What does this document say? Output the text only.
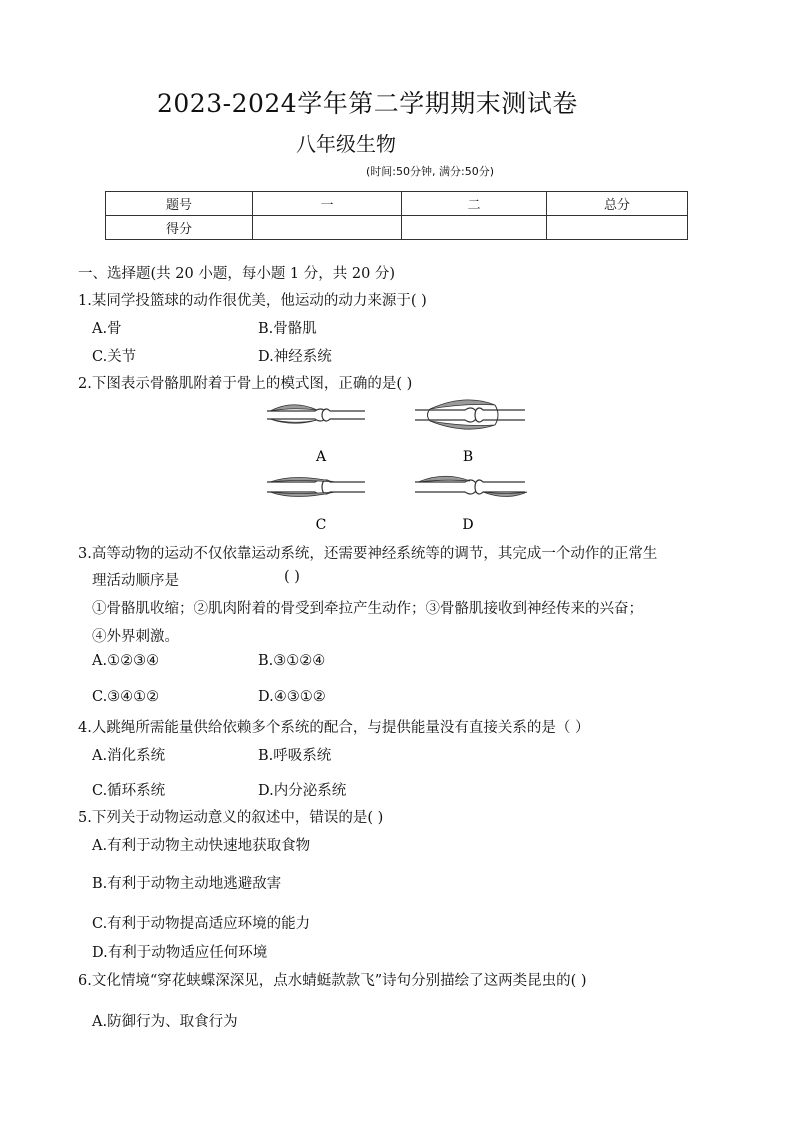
2023-2024学年第二学期期末测试卷
八年级生物
(时间:50分钟, 满分:50分)
题号	一	二	总分
得分			
一、选择题(共 20 小题，每小题 1 分，共 20 分)
1.某同学投篮球的动作很优美，他运动的动力来源于( )
A.骨	B.骨骼肌
C.关节	D.神经系统
2.下图表示骨骼肌附着于骨上的模式图，正确的是( )
A	B
C	D
3.高等动物的运动不仅依靠运动系统，还需要神经系统等的调节，其完成一个动作的正常生
理活动顺序是	( )
①骨骼肌收缩；②肌肉附着的骨受到牵拉产生动作；③骨骼肌接收到神经传来的兴奋；
④外界刺激。
A.①②③④	B.③①②④
C.③④①②	D.④③①②
4.人跳绳所需能量供给依赖多个系统的配合，与提供能量没有直接关系的是（ ）
A.消化系统	B.呼吸系统
C.循环系统	D.内分泌系统
5.下列关于动物运动意义的叙述中，错误的是( )
A.有利于动物主动快速地获取食物
B.有利于动物主动地逃避敌害
C.有利于动物提高适应环境的能力
D.有利于动物适应任何环境
6.文化情境“穿花蛱蝶深深见，点水蜻蜓款款飞”诗句分别描绘了这两类昆虫的( )
A.防御行为、取食行为
